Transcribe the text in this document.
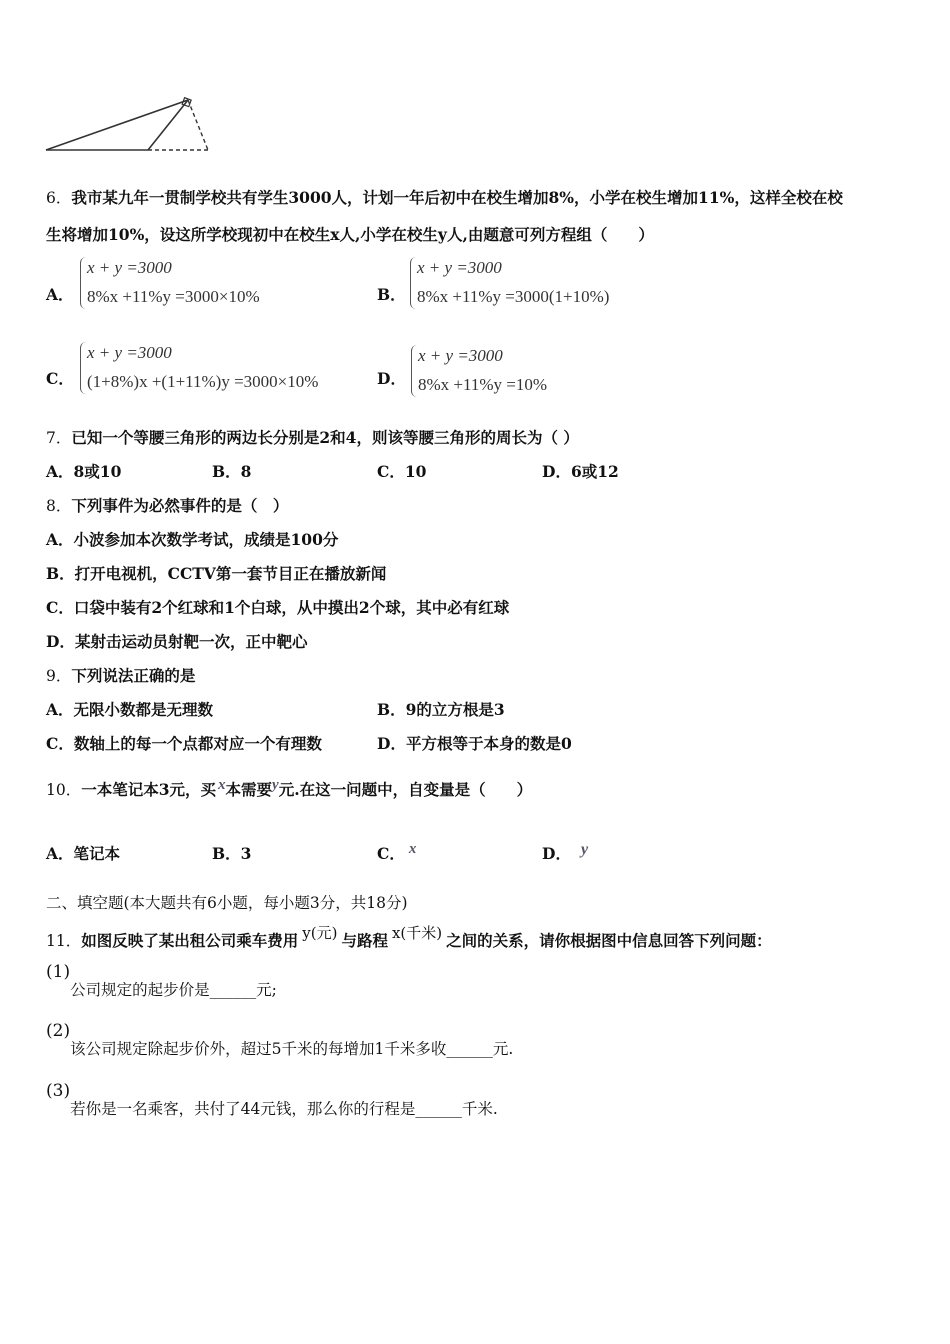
6．我市某九年一贯制学校共有学生3000人，计划一年后初中在校生增加8%，小学在校生增加11%，这样全校在校
生将增加10%，设这所学校现初中在校生x人,小学在校生y人,由题意可列方程组（　　）
A．
x + y =3000
8%x +11%y =3000×10%	B．
x + y =3000
8%x +11%y =3000(1+10%)
C．
x + y =3000
(1+8%)x +(1+11%)y =3000×10%	D．
x + y =3000
8%x +11%y =10%
7．已知一个等腰三角形的两边长分别是2和4，则该等腰三角形的周长为（ ）
A．8或10	B．8	C．10	D．6或12
8．下列事件为必然事件的是（　）
A．小波参加本次数学考试，成绩是100分
B．打开电视机，CCTV第一套节目正在播放新闻
C．口袋中装有2个红球和1个白球，从中摸出2个球，其中必有红球
D．某射击运动员射靶一次，正中靶心
9．下列说法正确的是
A．无限小数都是无理数	B．9的立方根是3
C．数轴上的每一个点都对应一个有理数	D．平方根等于本身的数是0
10．一本笔记本3元，买 x本需要y元.在这一问题中，自变量是（　　）
A．笔记本	B．3	C． x	D． y
二、填空题(本大题共有6小题，每小题3分，共18分)
11．如图反映了某出租公司乘车费用 y(元) 与路程 x(千米) 之间的关系，请你根据图中信息回答下列问题：
(1)公司规定的起步价是______元;
(2)该公司规定除起步价外，超过5千米的每增加1千米多收______元.
(3)若你是一名乘客，共付了44元钱，那么你的行程是______千米.
